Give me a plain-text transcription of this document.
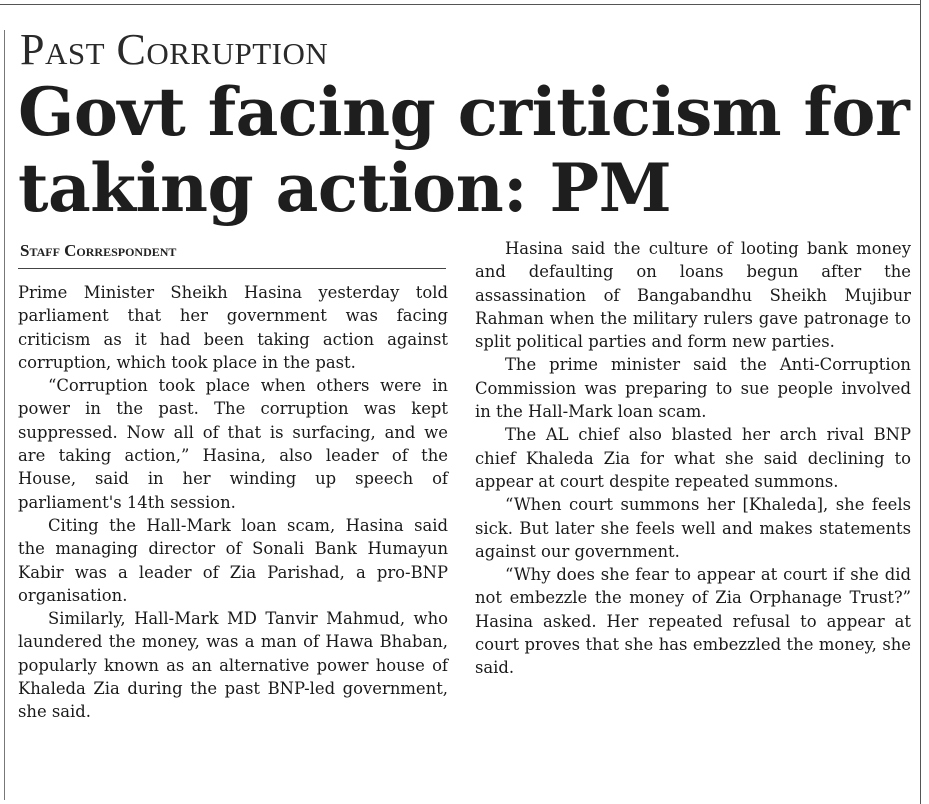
Past Corruption
Govt facing criticism for
taking action: PM
Staff Correspondent

Prime Minister Sheikh Hasina yesterday told parliament that her government was facing criticism as it had been taking action against corruption, which took place in the past.

“Corruption took place when others were in power in the past. The corruption was kept suppressed. Now all of that is surfacing, and we are taking action,” Hasina, also leader of the House, said in her winding up speech of parliament's 14th session.

Citing the Hall-Mark loan scam, Hasina said the managing director of Sonali Bank Humayun Kabir was a leader of Zia Parishad, a pro-BNP organisation.

Similarly, Hall-Mark MD Tanvir Mahmud, who laundered the money, was a man of Hawa Bhaban, popularly known as an alternative power house of Khaleda Zia during the past BNP-led government, she said.

Hasina said the culture of looting bank money and defaulting on loans begun after the assassination of Bangabandhu Sheikh Mujibur Rahman when the military rulers gave patronage to split political parties and form new parties.

The prime minister said the Anti-Corruption Commission was preparing to sue people involved in the Hall-Mark loan scam.

The AL chief also blasted her arch rival BNP chief Khaleda Zia for what she said declining to appear at court despite repeated summons.

“When court summons her [Khaleda], she feels sick. But later she feels well and makes statements against our government.

“Why does she fear to appear at court if she did not embezzle the money of Zia Orphanage Trust?” Hasina asked. Her repeated refusal to appear at court proves that she has embezzled the money, she said.
